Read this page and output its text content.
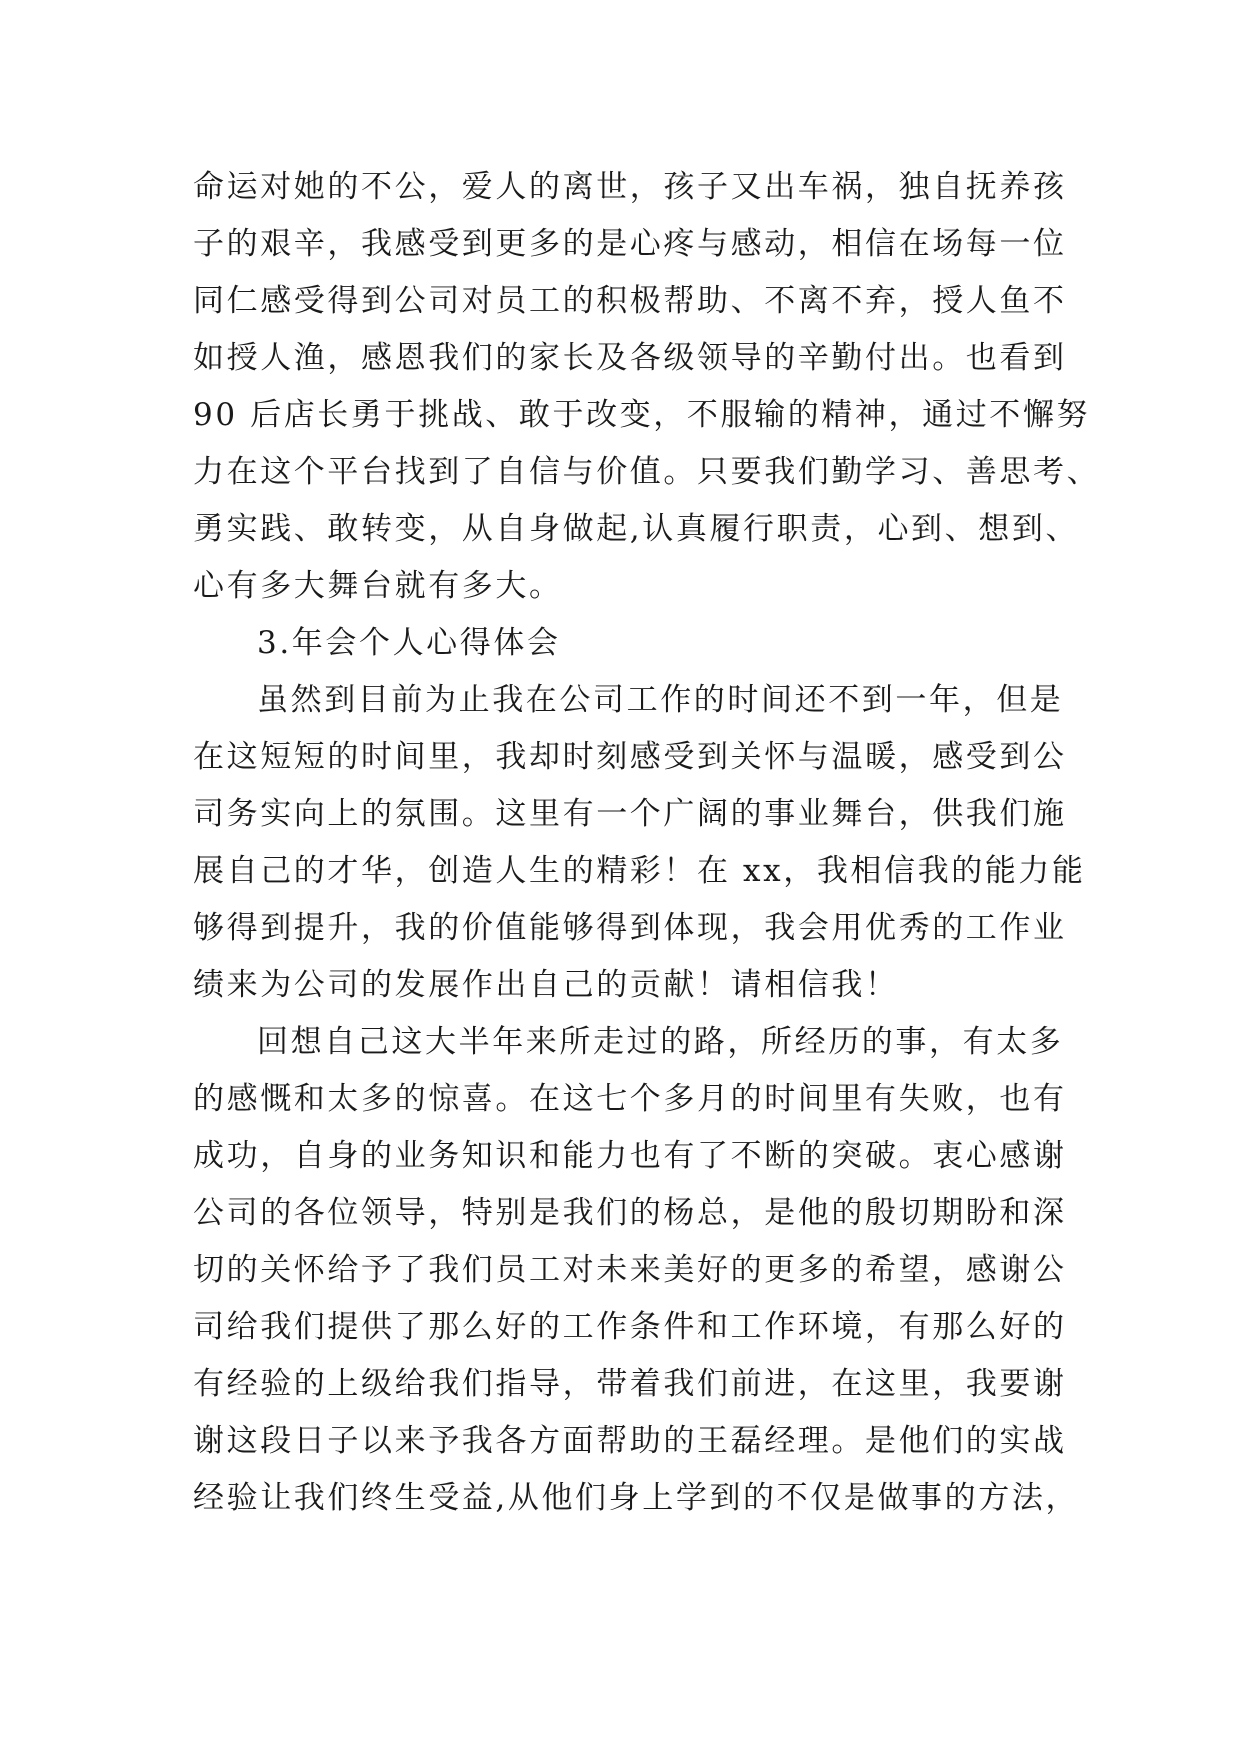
命运对她的不公，爱人的离世，孩子又出车祸，独自抚养孩
子的艰辛，我感受到更多的是心疼与感动，相信在场每一位
同仁感受得到公司对员工的积极帮助、不离不弃，授人鱼不
如授人渔，感恩我们的家长及各级领导的辛勤付出。也看到
90 后店长勇于挑战、敢于改变，不服输的精神，通过不懈努
力在这个平台找到了自信与价值。只要我们勤学习、善思考、
勇实践、敢转变，从自身做起,认真履行职责，心到、想到、
心有多大舞台就有多大。
3.年会个人心得体会
虽然到目前为止我在公司工作的时间还不到一年，但是
在这短短的时间里，我却时刻感受到关怀与温暖，感受到公
司务实向上的氛围。这里有一个广阔的事业舞台，供我们施
展自己的才华，创造人生的精彩！在 xx，我相信我的能力能
够得到提升，我的价值能够得到体现，我会用优秀的工作业
绩来为公司的发展作出自己的贡献！请相信我！
回想自己这大半年来所走过的路，所经历的事，有太多
的感慨和太多的惊喜。在这七个多月的时间里有失败，也有
成功，自身的业务知识和能力也有了不断的突破。衷心感谢
公司的各位领导，特别是我们的杨总，是他的殷切期盼和深
切的关怀给予了我们员工对未来美好的更多的希望，感谢公
司给我们提供了那么好的工作条件和工作环境，有那么好的
有经验的上级给我们指导，带着我们前进，在这里，我要谢
谢这段日子以来予我各方面帮助的王磊经理。是他们的实战
经验让我们终生受益,从他们身上学到的不仅是做事的方法，
